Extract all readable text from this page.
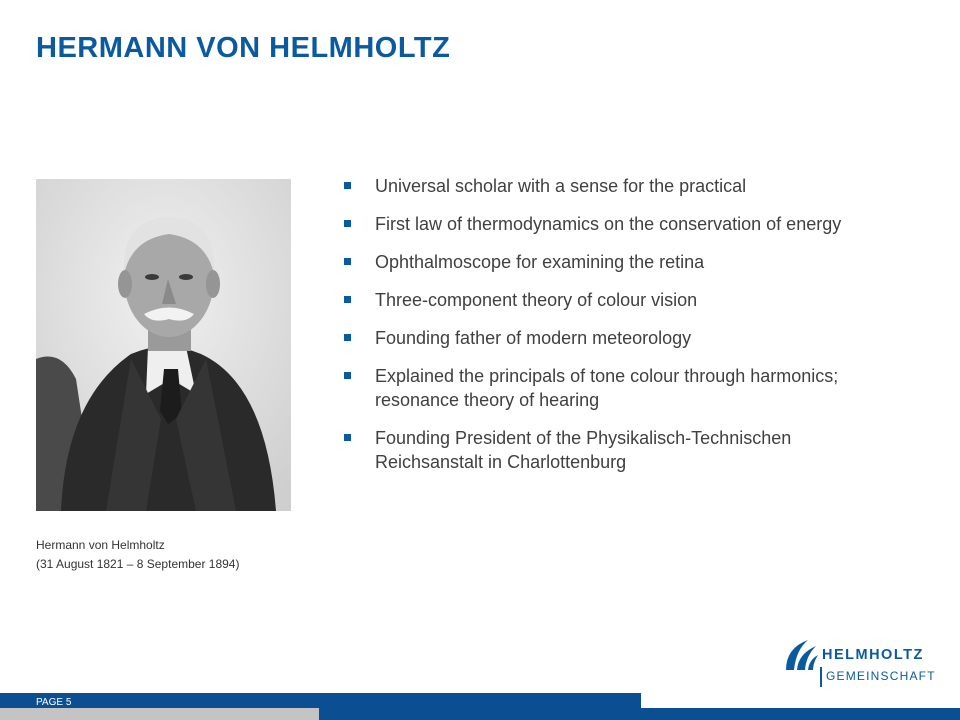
HERMANN VON HELMHOLTZ
Hermann von Helmholtz
(31 August 1821 – 8 September 1894)
Universal scholar with a sense for the practical
First law of thermodynamics on the conservation of energy
Ophthalmoscope for examining the retina
Three-component theory of colour vision
Founding father of modern meteorology
Explained the principals of tone colour through harmonics; resonance theory of hearing
Founding President of the Physikalisch-Technischen Reichsanstalt in Charlottenburg
HELMHOLTZ
GEMEINSCHAFT
PAGE 5
